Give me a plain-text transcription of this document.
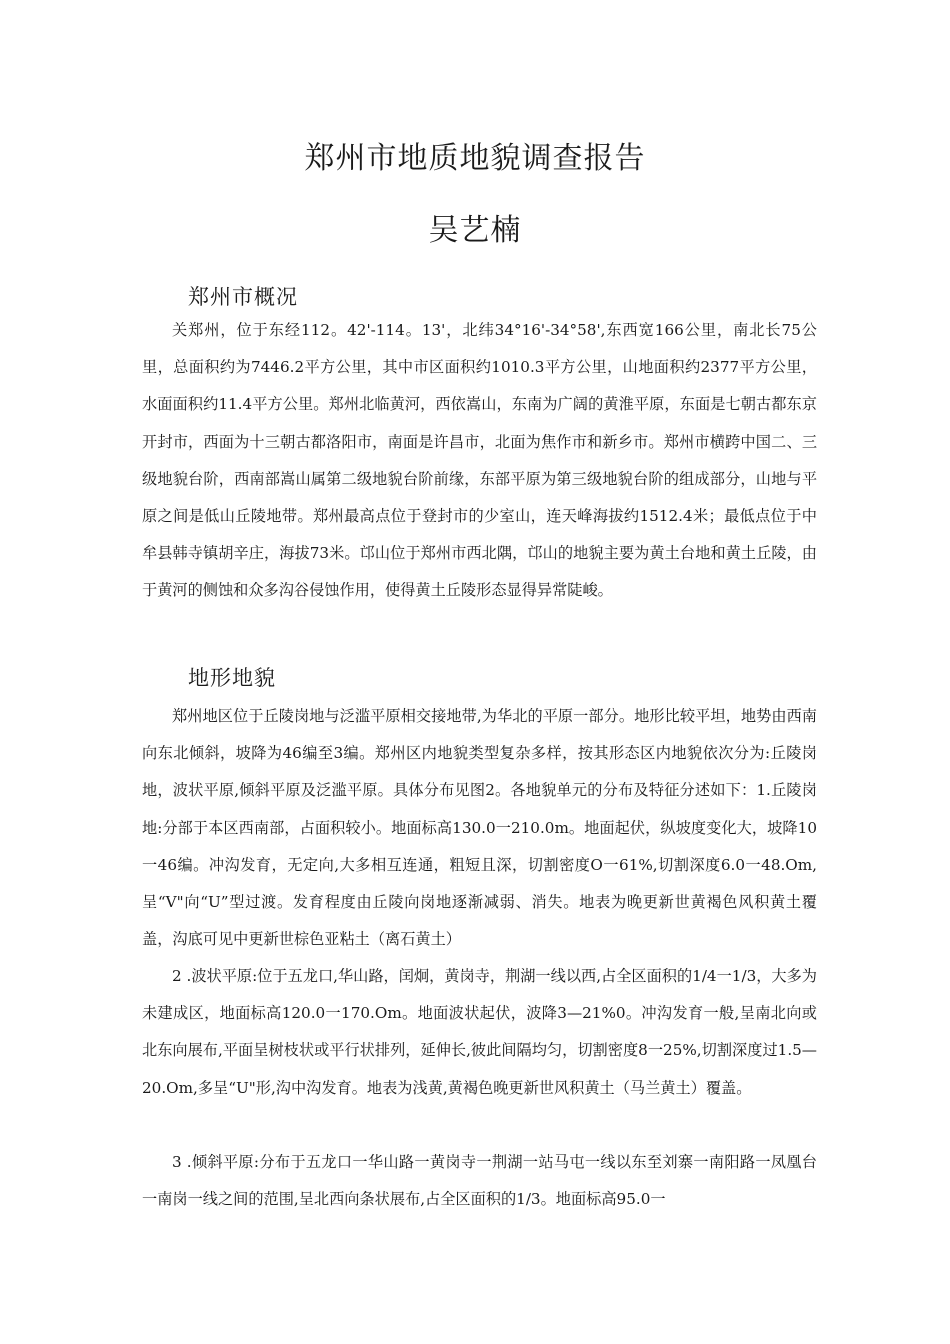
郑州市地质地貌调查报告
吴艺楠
郑州市概况

关郑州，位于东经112。42'-114。13'，北纬34°16'-34°58',东西宽166公里，南北长75公里，总面积约为7446.2平方公里，其中市区面积约1010.3平方公里，山地面积约2377平方公里，水面面积约11.4平方公里。郑州北临黄河，西依嵩山，东南为广阔的黄淮平原，东面是七朝古都东京开封市，西面为十三朝古都洛阳市，南面是许昌市，北面为焦作市和新乡市。郑州市横跨中国二、三级地貌台阶，西南部嵩山属第二级地貌台阶前缘，东部平原为第三级地貌台阶的组成部分，山地与平原之间是低山丘陵地带。郑州最高点位于登封市的少室山，连天峰海拔约1512.4米；最低点位于中牟县韩寺镇胡辛庄，海拔73米。邙山位于郑州市西北隅，邙山的地貌主要为黄土台地和黄土丘陵，由于黄河的侧蚀和众多沟谷侵蚀作用，使得黄土丘陵形态显得异常陡峻。

地形地貌

郑州地区位于丘陵岗地与泛滥平原相交接地带,为华北的平原一部分。地形比较平坦，地势由西南向东北倾斜，坡降为46编至3编。郑州区内地貌类型复杂多样，按其形态区内地貌依次分为:丘陵岗地，波状平原,倾斜平原及泛滥平原。具体分布见图2。各地貌单元的分布及特征分述如下：1.丘陵岗地:分部于本区西南部，占面积较小。地面标高130.0一210.0m。地面起伏，纵坡度变化大，坡降10一46编。冲沟发育，无定向,大多相互连通，粗短且深，切割密度O一61%,切割深度6.0一48.Om,呈“V"向“U”型过渡。发育程度由丘陵向岗地逐渐减弱、消失。地表为晚更新世黄褐色风积黄土覆盖，沟底可见中更新世棕色亚粘土（离石黄土）

2 .波状平原:位于五龙口,华山路，闰炯，黄岗寺，荆湖一线以西,占全区面积的1/4一1/3，大多为未建成区，地面标高120.0一170.Om。地面波状起伏，波降3—21%0。冲沟发育一般,呈南北向或北东向展布,平面呈树枝状或平行状排列，延伸长,彼此间隔均匀，切割密度8一25%,切割深度过1.5—20.Om,多呈“U"形,沟中沟发育。地表为浅黄,黄褐色晚更新世风积黄土（马兰黄土）覆盖。

3 .倾斜平原:分布于五龙口一华山路一黄岗寺一荆湖一站马屯一线以东至刘寨一南阳路一凤凰台一南岗一线之间的范围,呈北西向条状展布,占全区面积的1/3。地面标高95.0一
